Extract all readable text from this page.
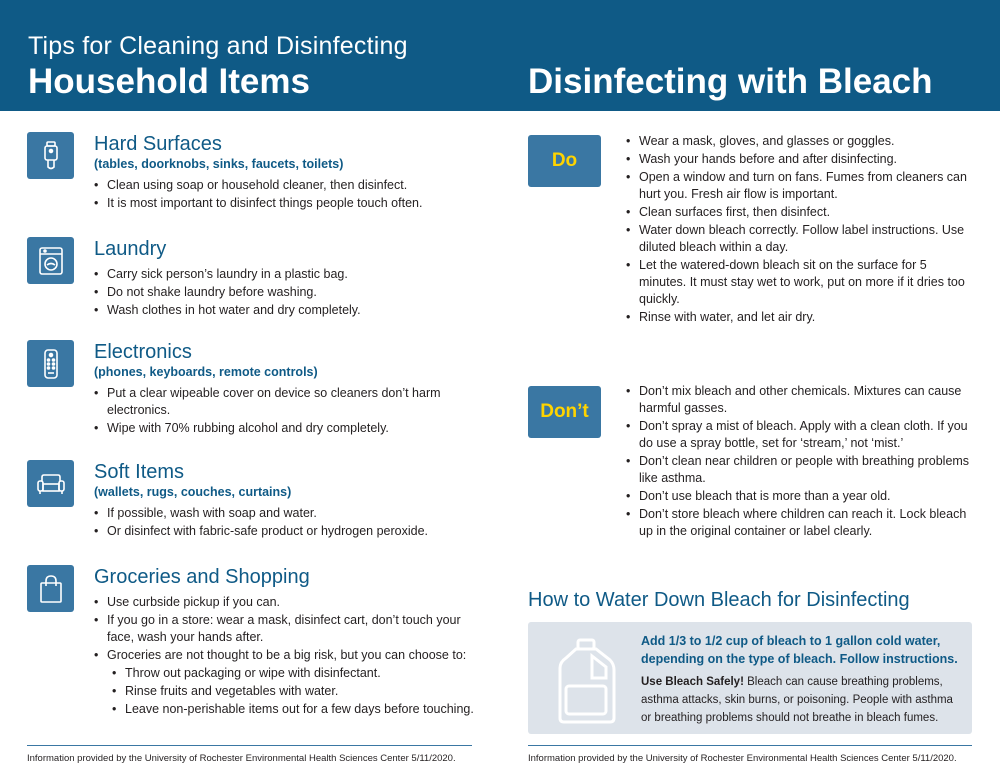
Tips for Cleaning and Disinfecting
Household Items	Disinfecting with Bleach
Hard Surfaces
(tables, doorknobs, sinks, faucets, toilets)
• Clean using soap or household cleaner, then disinfect.
• It is most important to disinfect things people touch often.
Laundry
• Carry sick person’s laundry in a plastic bag.
• Do not shake laundry before washing.
• Wash clothes in hot water and dry completely.
Electronics
(phones, keyboards, remote controls)
• Put a clear wipeable cover on device so cleaners don’t harm electronics.
• Wipe with 70% rubbing alcohol and dry completely.
Soft Items
(wallets, rugs, couches, curtains)
• If possible, wash with soap and water.
• Or disinfect with fabric-safe product or hydrogen peroxide.
Groceries and Shopping
• Use curbside pickup if you can.
• If you go in a store: wear a mask, disinfect cart, don’t touch your face, wash your hands after.
• Groceries are not thought to be a big risk, but you can choose to:
• Throw out packaging or wipe with disinfectant.
• Rinse fruits and vegetables with water.
• Leave non-perishable items out for a few days before touching.
Do
• Wear a mask, gloves, and glasses or goggles.
• Wash your hands before and after disinfecting.
• Open a window and turn on fans. Fumes from cleaners can hurt you. Fresh air flow is important.
• Clean surfaces first, then disinfect.
• Water down bleach correctly. Follow label instructions. Use diluted bleach within a day.
• Let the watered-down bleach sit on the surface for 5 minutes. It must stay wet to work, put on more if it dries too quickly.
• Rinse with water, and let air dry.
Don’t
• Don’t mix bleach and other chemicals. Mixtures can cause harmful gasses.
• Don’t spray a mist of bleach. Apply with a clean cloth. If you do use a spray bottle, set for ‘stream,’ not ‘mist.’
• Don’t clean near children or people with breathing problems like asthma.
• Don’t use bleach that is more than a year old.
• Don’t store bleach where children can reach it. Lock bleach up in the original container or label clearly.
How to Water Down Bleach for Disinfecting
Add 1/3 to 1/2 cup of bleach to 1 gallon cold water, depending on the type of bleach. Follow instructions.
Use Bleach Safely! Bleach can cause breathing problems, asthma attacks, skin burns, or poisoning. People with asthma or breathing problems should not breathe in bleach fumes.
Information provided by the University of Rochester Environmental Health Sciences Center 5/11/2020.	Information provided by the University of Rochester Environmental Health Sciences Center 5/11/2020.
